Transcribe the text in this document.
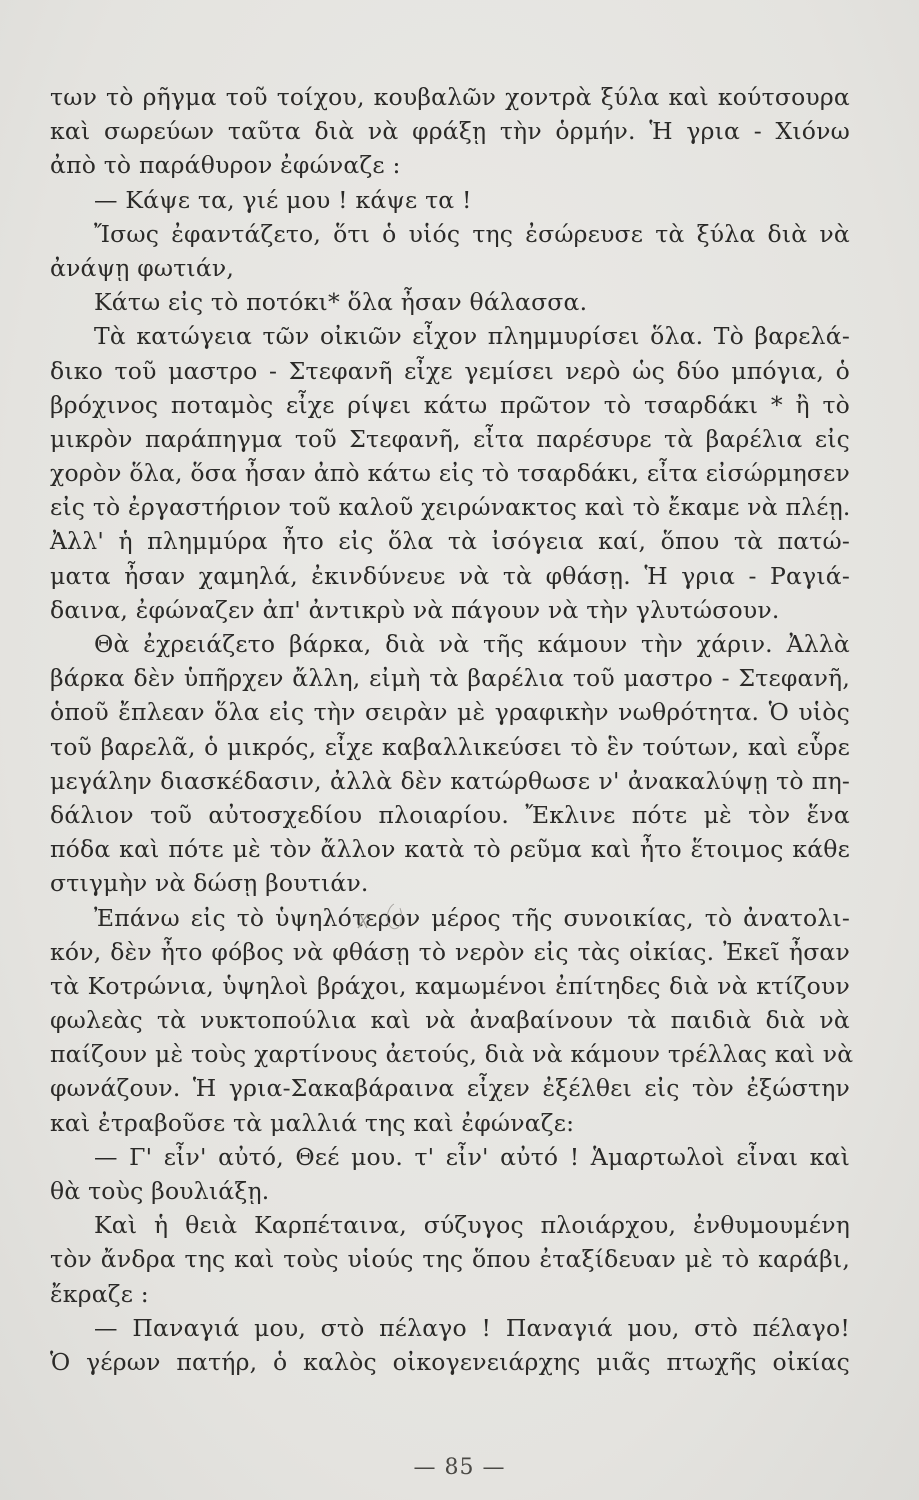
των τὸ ρῆγμα τοῦ τοίχου, κουβαλῶν χοντρὰ ξύλα καὶ κούτσουρα
καὶ σωρεύων ταῦτα διὰ νὰ φράξῃ τὴν ὁρμήν. Ἡ γρια - Χιόνω
ἀπὸ τὸ παράθυρον ἐφώναζε :
— Κάψε τα, γιέ μου ! κάψε τα !
Ἴσως ἐφαντάζετο, ὅτι ὁ υἱός της ἐσώρευσε τὰ ξύλα διὰ νὰ
ἀνάψῃ φωτιάν,
Κάτω εἰς τὸ ποτόκι* ὅλα ἦσαν θάλασσα.
Τὰ κατώγεια τῶν οἰκιῶν εἶχον πλημμυρίσει ὅλα. Τὸ βαρελά-
δικο τοῦ μαστρο - Στεφανῆ εἶχε γεμίσει νερὸ ὡς δύο μπόγια, ὁ
βρόχινος ποταμὸς εἶχε ρίψει κάτω πρῶτον τὸ τσαρδάκι * ἢ τὸ
μικρὸν παράπηγμα τοῦ Στεφανῆ, εἶτα παρέσυρε τὰ βαρέλια εἰς
χορὸν ὅλα, ὅσα ἦσαν ἀπὸ κάτω εἰς τὸ τσαρδάκι, εἶτα εἰσώρμησεν
εἰς τὸ ἐργαστήριον τοῦ καλοῦ χειρώνακτος καὶ τὸ ἔκαμε νὰ πλέῃ.
Ἀλλ' ἡ πλημμύρα ἦτο εἰς ὅλα τὰ ἰσόγεια καί, ὅπου τὰ πατώ-
ματα ἦσαν χαμηλά, ἐκινδύνευε νὰ τὰ φθάσῃ. Ἡ γρια - Ραγιά-
δαινα, ἐφώναζεν ἀπ' ἀντικρὺ νὰ πάγουν νὰ τὴν γλυτώσουν.
Θὰ ἐχρειάζετο βάρκα, διὰ νὰ τῆς κάμουν τὴν χάριν. Ἀλλὰ
βάρκα δὲν ὑπῆρχεν ἄλλη, εἰμὴ τὰ βαρέλια τοῦ μαστρο - Στεφανῆ,
ὁποῦ ἔπλεαν ὅλα εἰς τὴν σειρὰν μὲ γραφικὴν νωθρότητα. Ὁ υἱὸς
τοῦ βαρελᾶ, ὁ μικρός, εἶχε καβαλλικεύσει τὸ ἓν τούτων, καὶ εὗρε
μεγάλην διασκέδασιν, ἀλλὰ δὲν κατώρθωσε ν' ἀνακαλύψῃ τὸ πη-
δάλιον τοῦ αὐτοσχεδίου πλοιαρίου. Ἔκλινε πότε μὲ τὸν ἕνα
πόδα καὶ πότε μὲ τὸν ἄλλον κατὰ τὸ ρεῦμα καὶ ἦτο ἕτοιμος κάθε
στιγμὴν νὰ δώσῃ βουτιάν.
Ἐπάνω εἰς τὸ ὑψηλότερον μέρος τῆς συνοικίας, τὸ ἀνατολι-
κόν, δὲν ἦτο φόβος νὰ φθάσῃ τὸ νερὸν εἰς τὰς οἰκίας. Ἐκεῖ ἦσαν
τὰ Κοτρώνια, ὑψηλοὶ βράχοι, καμωμένοι ἐπίτηδες διὰ νὰ κτίζουν
φωλεὰς τὰ νυκτοπούλια καὶ νὰ ἀναβαίνουν τὰ παιδιὰ διὰ νὰ
παίζουν μὲ τοὺς χαρτίνους ἀετούς, διὰ νὰ κάμουν τρέλλας καὶ νὰ
φωνάζουν. Ἡ γρια-Σακαβάραινα εἶχεν ἐξέλθει εἰς τὸν ἐξώστην
καὶ ἐτραβοῦσε τὰ μαλλιά της καὶ ἐφώναζε:
— Γ' εἶν' αὐτό, Θεέ μου. τ' εἶν' αὐτό ! Ἁμαρτωλοὶ εἶναι καὶ
θὰ τοὺς βουλιάξῃ.
Καὶ ἡ θειὰ Καρπέταινα, σύζυγος πλοιάρχου, ἐνθυμουμένη
τὸν ἄνδρα της καὶ τοὺς υἱούς της ὅπου ἐταξίδευαν μὲ τὸ καράβι,
ἔκραζε :
— Παναγιά μου, στὸ πέλαγο ! Παναγιά μου, στὸ πέλαγο!
Ὁ γέρων πατήρ, ὁ καλὸς οἰκογενειάρχης μιᾶς πτωχῆς οἰκίας
— 85 —
